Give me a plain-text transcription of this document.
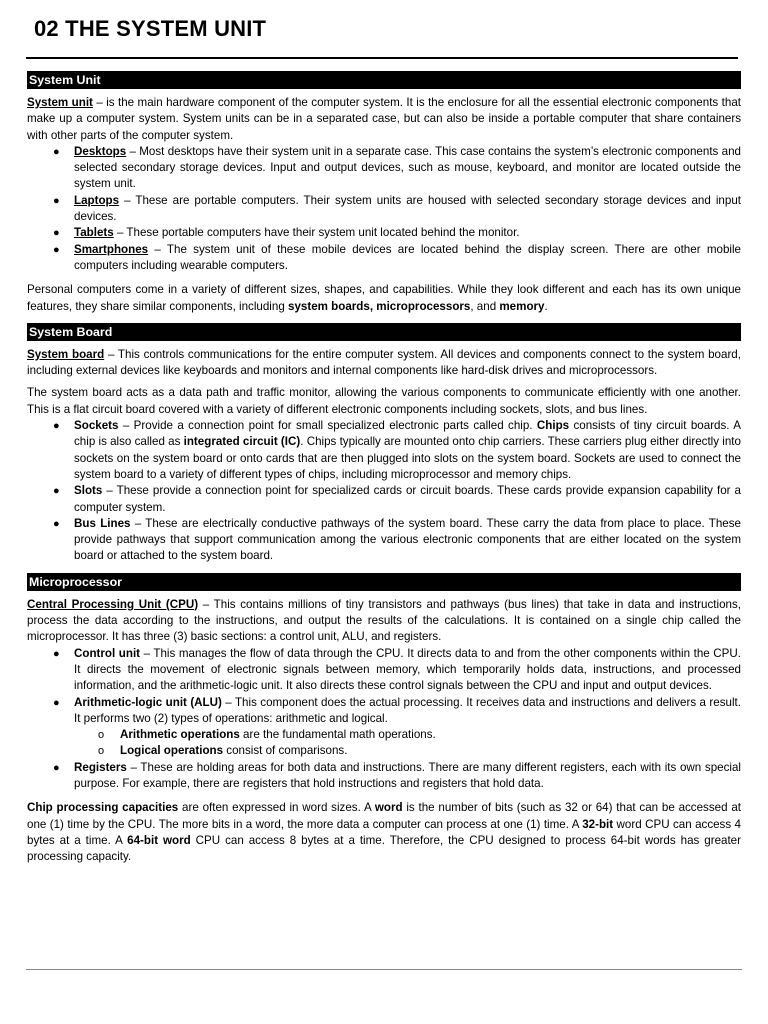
02 THE SYSTEM UNIT
System Unit

System unit – is the main hardware component of the computer system. It is the enclosure for all the essential electronic components that make up a computer system. System units can be in a separated case, but can also be inside a portable computer that share containers with other parts of the computer system.

● Desktops – Most desktops have their system unit in a separate case. This case contains the system’s electronic components and selected secondary storage devices. Input and output devices, such as mouse, keyboard, and monitor are located outside the system unit.
● Laptops – These are portable computers. Their system units are housed with selected secondary storage devices and input devices.
● Tablets – These portable computers have their system unit located behind the monitor.
● Smartphones – The system unit of these mobile devices are located behind the display screen. There are other mobile computers including wearable computers.

Personal computers come in a variety of different sizes, shapes, and capabilities. While they look different and each has its own unique features, they share similar components, including system boards, microprocessors, and memory.

System Board

System board – This controls communications for the entire computer system. All devices and components connect to the system board, including external devices like keyboards and monitors and internal components like hard-disk drives and microprocessors.

The system board acts as a data path and traffic monitor, allowing the various components to communicate efficiently with one another. This is a flat circuit board covered with a variety of different electronic components including sockets, slots, and bus lines.

● Sockets – Provide a connection point for small specialized electronic parts called chip. Chips consists of tiny circuit boards. A chip is also called as integrated circuit (IC). Chips typically are mounted onto chip carriers. These carriers plug either directly into sockets on the system board or onto cards that are then plugged into slots on the system board. Sockets are used to connect the system board to a variety of different types of chips, including microprocessor and memory chips.
● Slots – These provide a connection point for specialized cards or circuit boards. These cards provide expansion capability for a computer system.
● Bus Lines – These are electrically conductive pathways of the system board. These carry the data from place to place. These provide pathways that support communication among the various electronic components that are either located on the system board or attached to the system board.
Microprocessor

Central Processing Unit (CPU) – This contains millions of tiny transistors and pathways (bus lines) that take in data and instructions, process the data according to the instructions, and output the results of the calculations. It is contained on a single chip called the microprocessor. It has three (3) basic sections: a control unit, ALU, and registers.

● Control unit – This manages the flow of data through the CPU. It directs data to and from the other components within the CPU. It directs the movement of electronic signals between memory, which temporarily holds data, instructions, and processed information, and the arithmetic-logic unit. It also directs these control signals between the CPU and input and output devices.
● Arithmetic-logic unit (ALU) – This component does the actual processing. It receives data and instructions and delivers a result. It performs two (2) types of operations: arithmetic and logical.
o Arithmetic operations are the fundamental math operations.
o Logical operations consist of comparisons.
● Registers – These are holding areas for both data and instructions. There are many different registers, each with its own special purpose. For example, there are registers that hold instructions and registers that hold data.

Chip processing capacities are often expressed in word sizes. A word is the number of bits (such as 32 or 64) that can be accessed at one (1) time by the CPU. The more bits in a word, the more data a computer can process at one (1) time. A 32-bit word CPU can access 4 bytes at a time. A 64-bit word CPU can access 8 bytes at a time. Therefore, the CPU designed to process 64-bit words has greater processing capacity.
